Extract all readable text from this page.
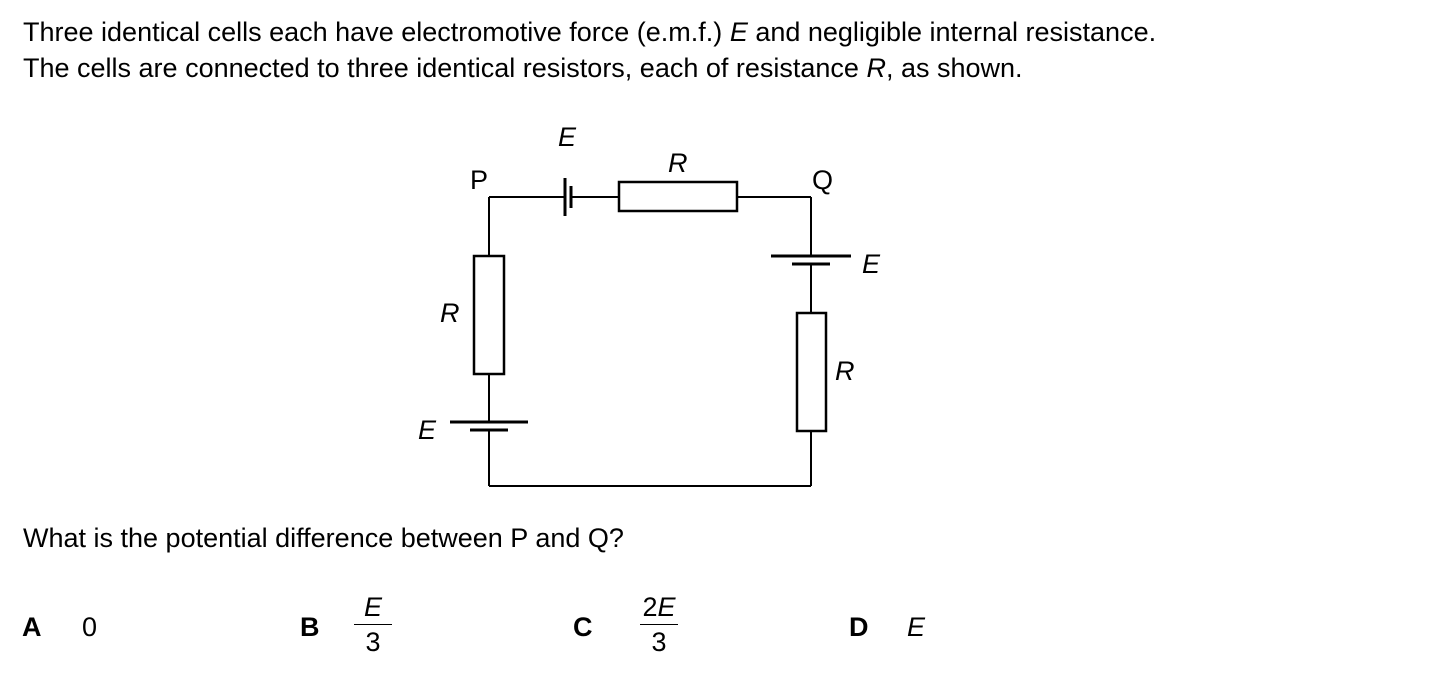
Three identical cells each have electromotive force (e.m.f.) E and negligible internal resistance.

The cells are connected to three identical resistors, each of resistance R, as shown.

P	Q
E
R
E
R
R
E

What is the potential difference between P and Q?

A 0	B
E
3	C
2E
3	D E
